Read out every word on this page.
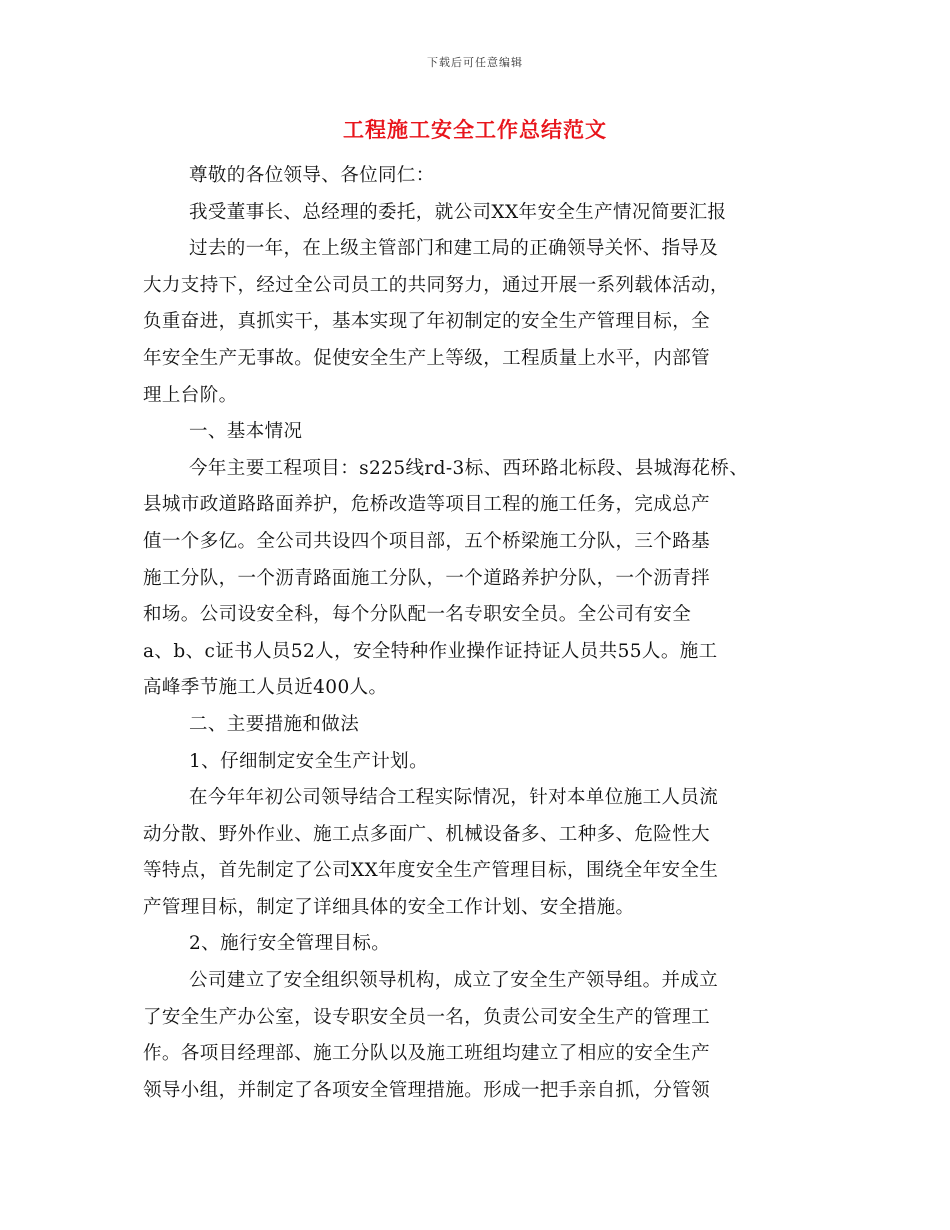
下载后可任意编辑
工程施工安全工作总结范文
尊敬的各位领导、各位同仁：
我受董事长、总经理的委托，就公司XX年安全生产情况简要汇报
过去的一年，在上级主管部门和建工局的正确领导关怀、指导及
大力支持下，经过全公司员工的共同努力，通过开展一系列载体活动，
负重奋进，真抓实干，基本实现了年初制定的安全生产管理目标，全
年安全生产无事故。促使安全生产上等级，工程质量上水平，内部管
理上台阶。
一、基本情况
今年主要工程项目：s225线rd-3标、西环路北标段、县城海花桥、
县城市政道路路面养护，危桥改造等项目工程的施工任务，完成总产
值一个多亿。全公司共设四个项目部，五个桥梁施工分队，三个路基
施工分队，一个沥青路面施工分队，一个道路养护分队，一个沥青拌
和场。公司设安全科，每个分队配一名专职安全员。全公司有安全
a、b、c证书人员52人，安全特种作业操作证持证人员共55人。施工
高峰季节施工人员近400人。
二、主要措施和做法
1、仔细制定安全生产计划。
在今年年初公司领导结合工程实际情况，针对本单位施工人员流
动分散、野外作业、施工点多面广、机械设备多、工种多、危险性大
等特点，首先制定了公司XX年度安全生产管理目标，围绕全年安全生
产管理目标，制定了详细具体的安全工作计划、安全措施。
2、施行安全管理目标。
公司建立了安全组织领导机构，成立了安全生产领导组。并成立
了安全生产办公室，设专职安全员一名，负责公司安全生产的管理工
作。各项目经理部、施工分队以及施工班组均建立了相应的安全生产
领导小组，并制定了各项安全管理措施。形成一把手亲自抓，分管领
